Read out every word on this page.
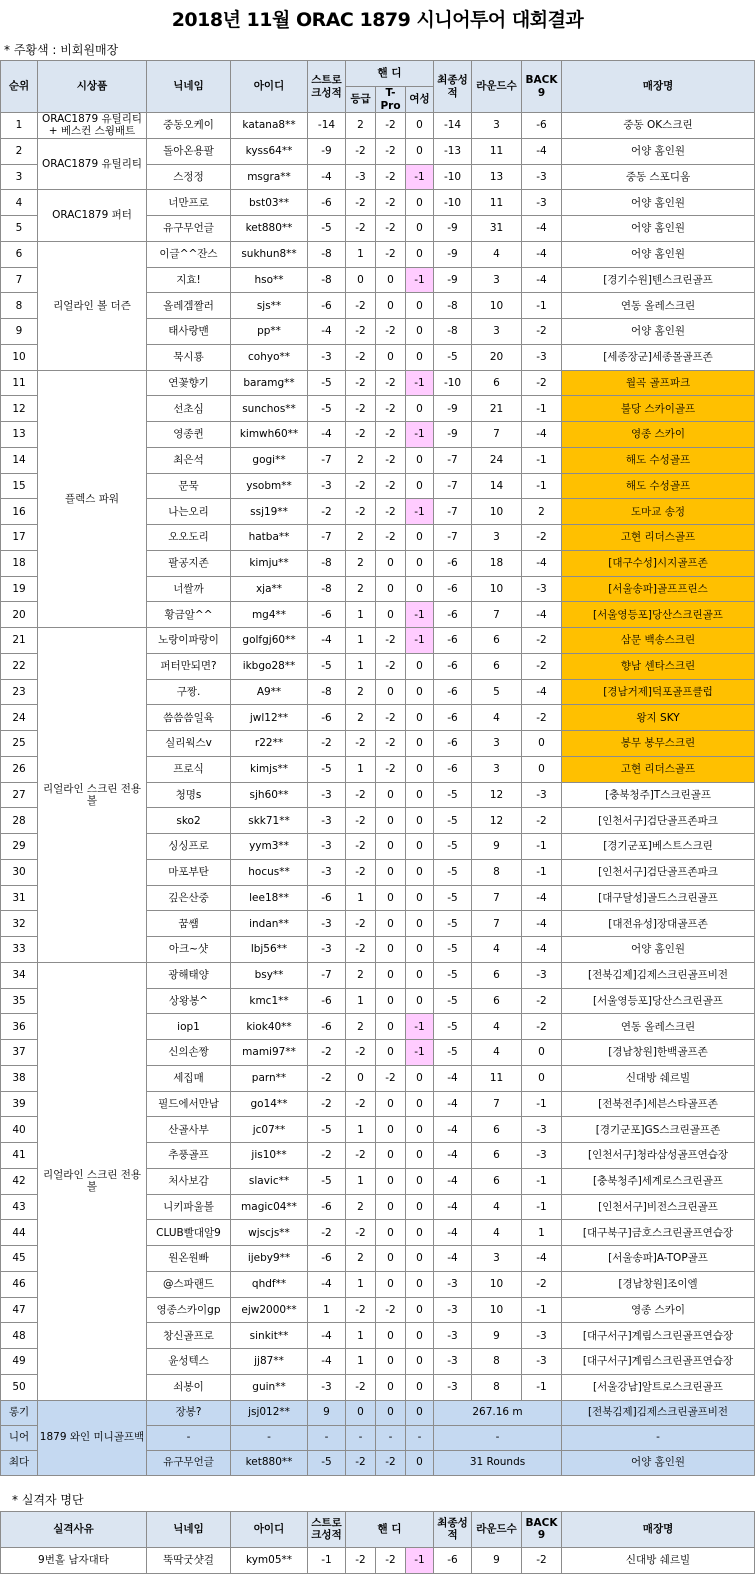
2018년 11월 ORAC 1879 시니어투어 대회결과
* 주황색 : 비회원매장
순위	시상품	닉네임	아이디	스트로크성적	핸 디			최종성적	라운드수	BACK 9	매장명
					등급	T-Pro	여성				
1	ORAC1879 유틸리티 + 베스컨 스윙배트	중동오케이	katana8**	-14	2	-2	0	-14	3	-6	중동 OK스크린
2	ORAC1879 유틸리티	돌아온용팔	kyss64**	-9	-2	-2	0	-13	11	-4	어양 홈인원
3		스정정	msgra**	-4	-3	-2	-1	-10	13	-3	중동 스포디움
4	ORAC1879 퍼터	너만프로	bst03**	-6	-2	-2	0	-10	11	-3	어양 홈인원
5		유구무언글	ket880**	-5	-2	-2	0	-9	31	-4	어양 홈인원
6	리얼라인 볼 더즌	이글^^잔스	sukhun8**	-8	1	-2	0	-9	4	-4	어양 홈인원
7		지효!	hso**	-8	0	0	-1	-9	3	-4	[경기수원]텐스크린골프
8		올레겜짤러	sjs**	-6	-2	0	0	-8	10	-1	연동 올레스크린
9		태사랑맨	pp**	-4	-2	-2	0	-8	3	-2	어양 홈인원
10		묵시룡	cohyo**	-3	-2	0	0	-5	20	-3	[세종장군]세종몰골프존
11	플렉스 파워	연꽃향기	baramg**	-5	-2	-2	-1	-10	6	-2	월곡 골프파크
12		선초심	sunchos**	-5	-2	-2	0	-9	21	-1	불당 스카이골프
13		영종퀸	kimwh60**	-4	-2	-2	-1	-9	7	-4	영종 스카이
14		최은석	gogi**	-7	2	-2	0	-7	24	-1	해도 수성골프
15		문묵	ysobm**	-3	-2	-2	0	-7	14	-1	해도 수성골프
16		나는오리	ssj19**	-2	-2	-2	-1	-7	10	2	도마교 송정
17		오오도리	hatba**	-7	2	-2	0	-7	3	-2	고현 리더스골프
18		팔공지존	kimju**	-8	2	0	0	-6	18	-4	[대구수성]시지골프존
19		너쌀까	xja**	-8	2	0	0	-6	10	-3	[서울송파]골프프린스
20		황금알^^	mg4**	-6	1	0	-1	-6	7	-4	[서울영등포]당산스크린골프
21	리얼라인 스크린 전용볼	노랑이파랑이	golfgj60**	-4	1	-2	-1	-6	6	-2	삼문 백송스크린
22		퍼터만되면?	ikbgo28**	-5	1	-2	0	-6	6	-2	향남 센타스크린
23		구짱.	A9**	-8	2	0	0	-6	5	-4	[경남거제]덕포골프클럽
24		씀씀씀일육	jwl12**	-6	2	-2	0	-6	4	-2	왕지 SKY
25		실리웍스v	r22**	-2	-2	-2	0	-6	3	0	봉무 봉무스크린
26		프로식	kimjs**	-5	1	-2	0	-6	3	0	고현 리더스골프
27		청명s	sjh60**	-3	-2	0	0	-5	12	-3	[충북청주]T스크린골프
28		sko2	skk71**	-3	-2	0	0	-5	12	-2	[인천서구]검단골프존파크
29		싱싱프로	yym3**	-3	-2	0	0	-5	9	-1	[경기군포]베스트스크린
30		마포부탄	hocus**	-3	-2	0	0	-5	8	-1	[인천서구]검단골프존파크
31		깊은산중	lee18**	-6	1	0	0	-5	7	-4	[대구달성]골드스크린골프
32		꿈쌤	indan**	-3	-2	0	0	-5	7	-4	[대전유성]장대골프존
33		아크~샷	lbj56**	-3	-2	0	0	-5	4	-4	어양 홈인원
34	리얼라인 스크린 전용볼	광해태양	bsy**	-7	2	0	0	-5	6	-3	[전북김제]김제스크린골프비전
35		상왕봉^	kmc1**	-6	1	0	0	-5	6	-2	[서울영등포]당산스크린골프
36		iop1	kiok40**	-6	2	0	-1	-5	4	-2	연동 올레스크린
37		신의손짱	mami97**	-2	-2	0	-1	-5	4	0	[경남창원]한백골프존
38		세집매	parn**	-2	0	-2	0	-4	11	0	신대방 쉐르빌
39		필드에서만남	go14**	-2	-2	0	0	-4	7	-1	[전북전주]세븐스타골프존
40		산골사부	jc07**	-5	1	0	0	-4	6	-3	[경기군포]GS스크린골프존
41		추풍골프	jis10**	-2	-2	0	0	-4	6	-3	[인천서구]청라삼성골프연습장
42		처사보감	slavic**	-5	1	0	0	-4	6	-1	[충북청주]세계로스크린골프
43		니키파울볼	magic04**	-6	2	0	0	-4	4	-1	[인천서구]비전스크린골프
44		CLUB빨대알9	wjscjs**	-2	-2	0	0	-4	4	1	[대구북구]금호스크린골프연습장
45		원온원빠	ijeby9**	-6	2	0	0	-4	3	-4	[서울송파]A-TOP골프
46		@스파랜드	qhdf**	-4	1	0	0	-3	10	-2	[경남창원]조이엘
47		영종스카이gp	ejw2000**	1	-2	-2	0	-3	10	-1	영종 스카이
48		창신골프로	sinkit**	-4	1	0	0	-3	9	-3	[대구서구]계림스크린골프연습장
49		윤성텍스	jj87**	-4	1	0	0	-3	8	-3	[대구서구]계림스크린골프연습장
50		쇠봉이	guin**	-3	-2	0	0	-3	8	-1	[서울강남]알트로스크린골프
롱기	1879 와인 미니골프백	장봉?	jsj012**	9	0	0	0	267.16 m			[전북김제]김제스크린골프비전
니어		-	-	-	-	-	-	-			-
최다		유구무언글	ket880**	-5	-2	-2	0	31 Rounds			어양 홈인원
* 실격자 명단
실격사유	닉네임	아이디	스트로크성적	핸 디			최종성적	라운드수	BACK 9	매장명
9번홀 남자대타	뚝딱굿샷걸	kym05**	-1	-2	-2	-1	-6	9	-2	신대방 쉐르빌
